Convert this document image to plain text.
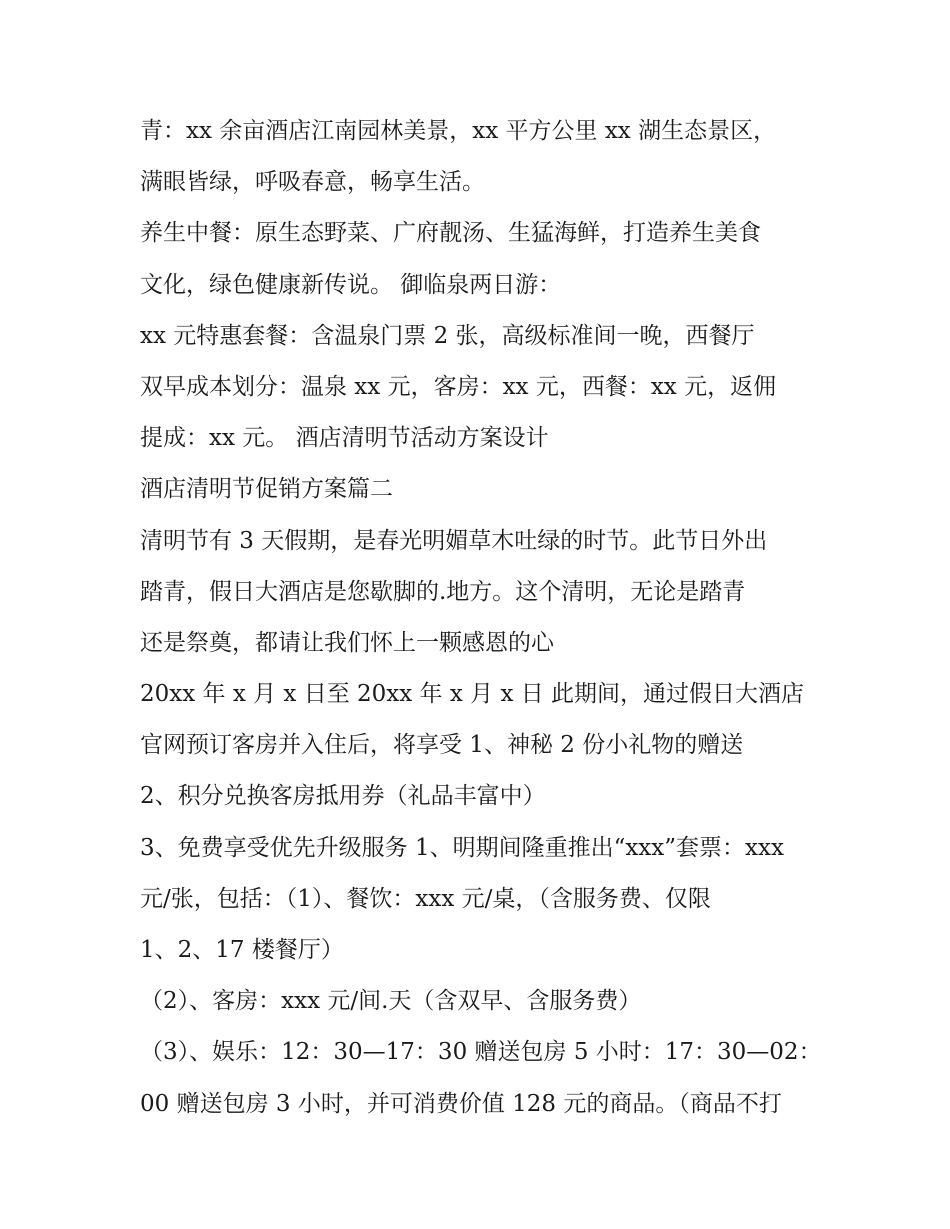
青：xx 余亩酒店江南园林美景，xx 平方公里 xx 湖生态景区，
满眼皆绿，呼吸春意，畅享生活。
养生中餐：原生态野菜、广府靓汤、生猛海鲜，打造养生美食
文化，绿色健康新传说。 御临泉两日游：
xx 元特惠套餐：含温泉门票 2 张，高级标准间一晚，西餐厅
双早成本划分：温泉 xx 元，客房：xx 元，西餐：xx 元，返佣
提成：xx 元。 酒店清明节活动方案设计
酒店清明节促销方案篇二
清明节有 3 天假期，是春光明媚草木吐绿的时节。此节日外出
踏青，假日大酒店是您歇脚的.地方。这个清明，无论是踏青
还是祭奠，都请让我们怀上一颗感恩的心
20xx 年 x 月 x 日至 20xx 年 x 月 x 日 此期间，通过假日大酒店
官网预订客房并入住后，将享受 1、神秘 2 份小礼物的赠送
2、积分兑换客房抵用券（礼品丰富中）
3、免费享受优先升级服务 1、明期间隆重推出“xxx”套票：xxx
元/张，包括：（1）、餐饮：xxx 元/桌，（含服务费、仅限
1、2、17 楼餐厅）
（2）、客房：xxx 元/间.天（含双早、含服务费）
（3）、娱乐：12：30—17：30 赠送包房 5 小时：17：30—02：
00 赠送包房 3 小时，并可消费价值 128 元的商品。（商品不打
